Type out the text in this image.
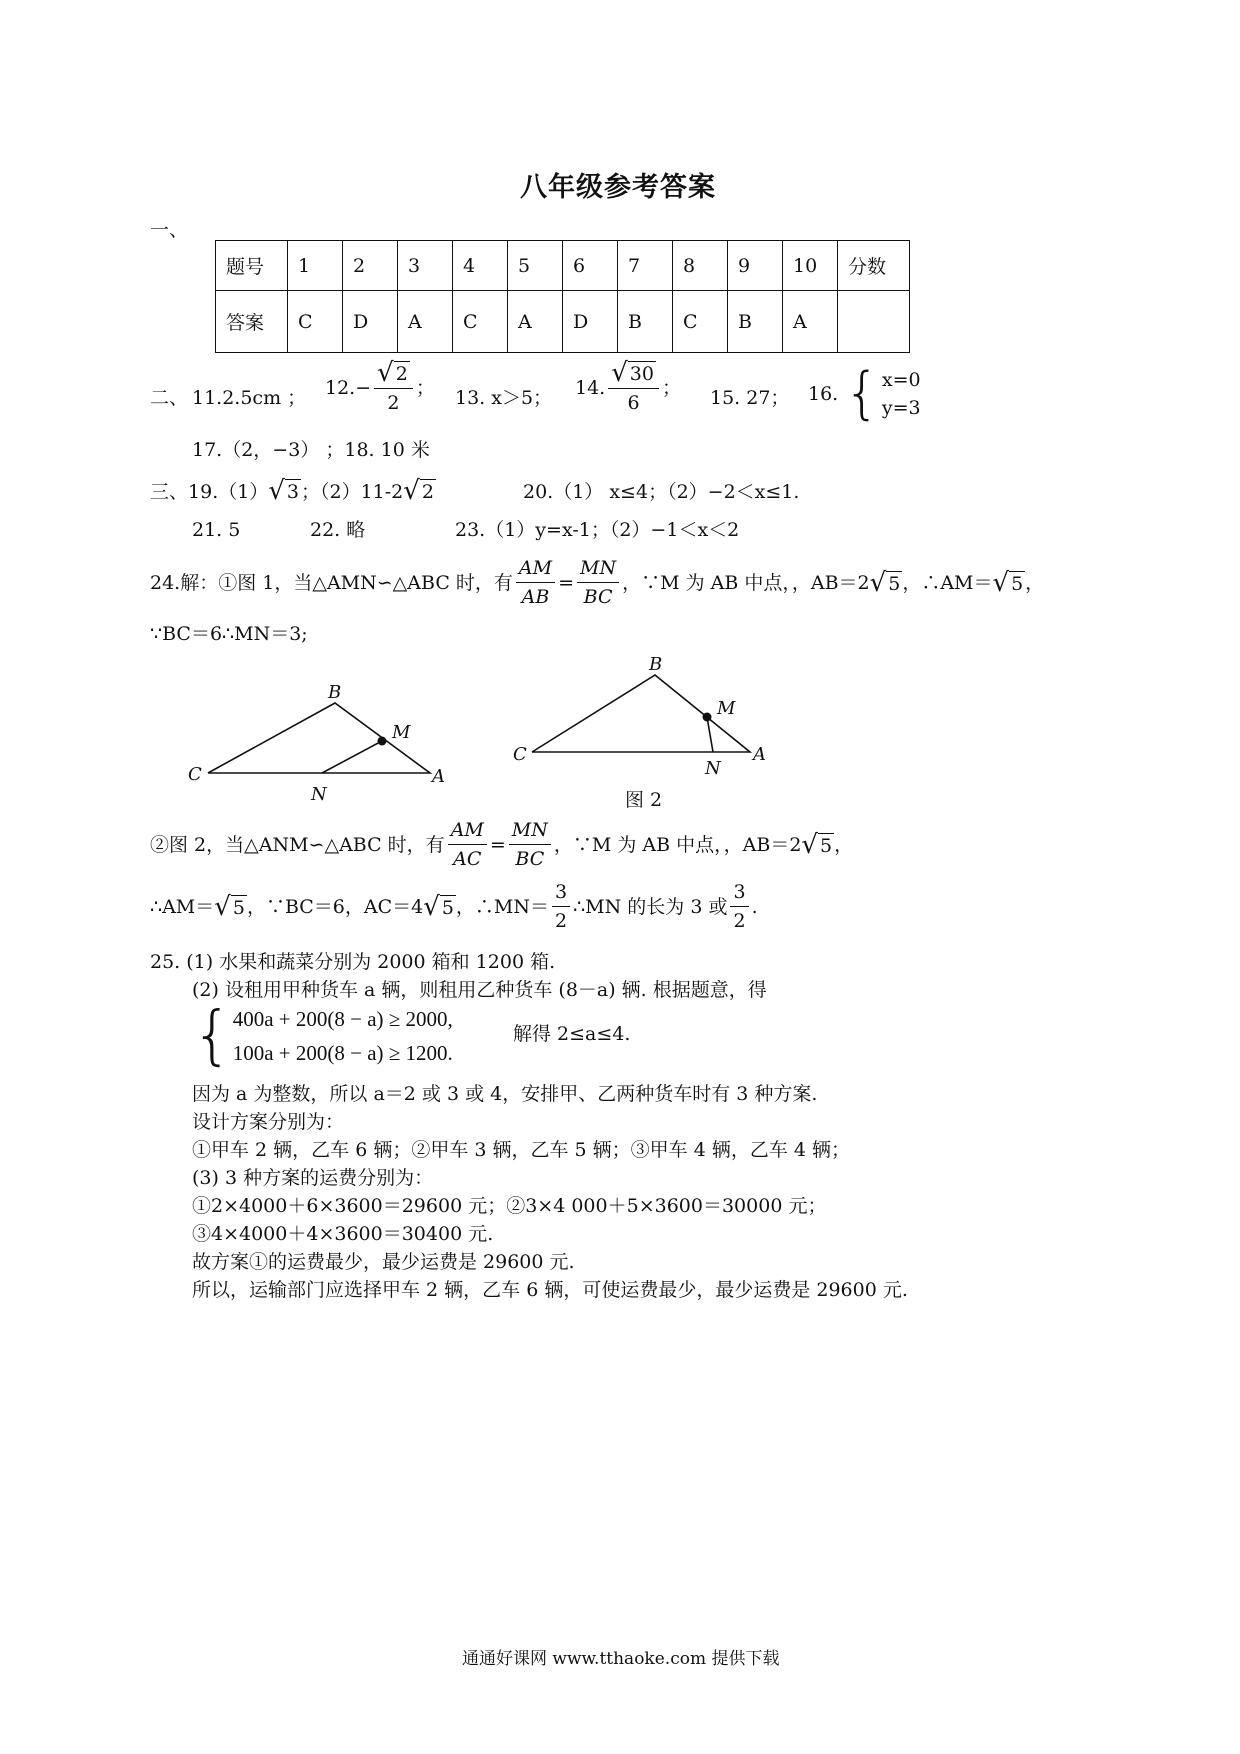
八年级参考答案
一、
题号	1	2	3	4	5	6	7	8	9	10	分数
答案	C	D	A	C	A	D	B	C	B	A	
二、 11.2.5cm ； 12. − $\frac{√ 2}{2}$ ； 13. x＞5； 14. $\frac{√ 30}{6}$ ； 15. 27； 16. { x=0
y=3
17.（2，−3） ；18. 10 米
三、 19.（1） √ 3 ；（2）11-2 √ 2	20.（1） x≤4；（2）−2＜x≤1.
21. 5	22. 略	23.（1）y=x-1；（2）−1＜x＜2
24.解：①图 1，当△AMN∽△ABC 时，有 $\frac{AM}{AB} = \frac{MN}{BC}$ ，∵M 为 AB 中点，，AB＝2 √ 5 ，∴AM＝ √ 5 ，
∵BC＝6∴MN＝3;
B
M
C
N
A
B
M
C
N
A
图 2
②图 2，当△ANM∽△ABC 时，有 $\frac{AM}{AC} = \frac{MN}{BC}$ ，∵M 为 AB 中点，，AB＝2 √ 5 ，
∴AM＝ √ 5 ，∵BC＝6，AC＝4 √ 5 ，∴MN＝ $\frac{3}{2}$ ∴MN 的长为 3 或 $\frac{3}{2}$ .
25. (1) 水果和蔬菜分别为 2000 箱和 1200 箱.
(2) 设租用甲种货车 a 辆，则租用乙种货车 (8－a) 辆. 根据题意，得
{ 400a + 200(8 − a) ≥ 2000,
100a + 200(8 − a) ≥ 1200.
解得 2≤a≤4.
因为 a 为整数，所以 a＝2 或 3 或 4，安排甲、乙两种货车时有 3 种方案.
设计方案分别为：
①甲车 2 辆，乙车 6 辆；②甲车 3 辆，乙车 5 辆；③甲车 4 辆，乙车 4 辆；
(3) 3 种方案的运费分别为：
①2×4000＋6×3600＝29600 元；②3×4 000＋5×3600＝30000 元；
③4×4000＋4×3600＝30400 元.
故方案①的运费最少，最少运费是 29600 元.
所以，运输部门应选择甲车 2 辆，乙车 6 辆，可使运费最少，最少运费是 29600 元.
通通好课网 www.tthaoke.com 提供下载
